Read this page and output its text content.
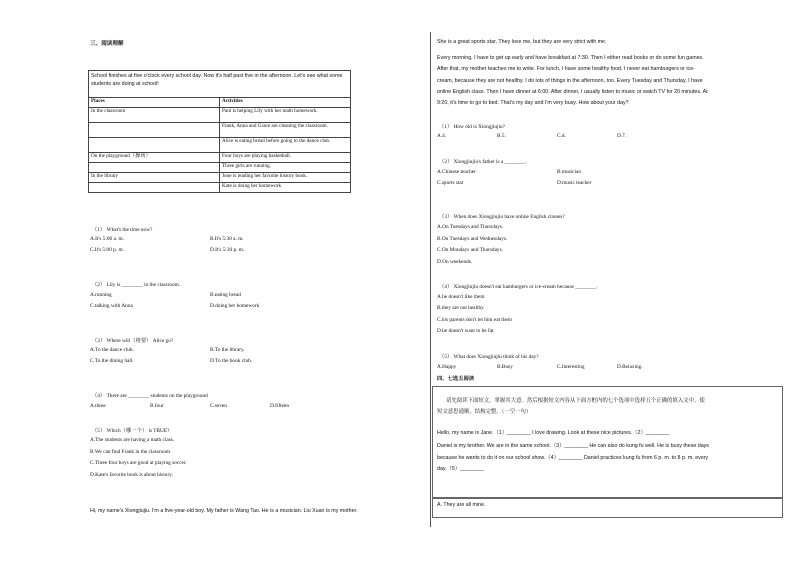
三、阅读理解
School finishes at five o'clock every school day. Now it's half past five in the afternoon. Let's see what some students are doing at school!
Places	Activities
In the classroom	Paul is helping Lily with her math homework.
	Frank, Anna and Grace are cleaning the classroom.
	Alice is eating bread before going to the dance club.
On the playground（操场）	Four boys are playing basketball.
	Three girls are running.
In the library	Jone is reading her favorite history book.
	Kate is doing her homework
（1） What's the time now?
A.It's 5:00 a. m.	B.It's 5:30 a. m.
C.It's 5:00 p. m.	D.It's 5:30 p. m.
（2） Lily is ________ in the classroom.
A.running	B.eating bread
C.talking with Anna	D.doing her homework
（3） Where will（将要） Alice go?
A.To the dance club.	B.To the library.
C.To the dining hall.	D.To the book club.
（4） There are ________ students on the playground
A.three	B.four	C.seven	D.fifteen
（5） Which（哪一个） is TRUE?
A.The students are having a math class.
B.We can find Frank in the classroom
C.Three four boys are good at playing soccer.
D.Kate's favorite book is about history.
Hi, my name's Xiongjiujiu. I'm a five-year-old boy. My father is Wang Tao. He is a musician. Liu Xuan is my mother.
She is a great sports star. They love me, but they are very strict with me.
Every morning, I have to get up early and have breakfast at 7:30. Then I either read books or do some fun games.
After that, my mother teaches me to write. For lunch, I have some healthy food. I never eat hamburgers or ice-
cream, because they are not healthy. I do lots of things in the afternoon, too. Every Tuesday and Thursday, I have
online English class. Then I have dinner at 6:00. After dinner, I usually listen to music or watch TV for 20 minutes. At
9:20, it's time to go to bed. That's my day and I'm very busy. How about your day?
（1） How old is Xiongjiujiu?
A.4.	B.5.	C.d.	D.7.
（2） Xiongjiujiu's father is a ________.
A.Chinese teacher	B.musician
C.sports star	D.music teacher
（3） When does Xiongjiujiu have online English classes?
A.On Tuesdays and Thursdays.
B.On Tuesdays and Wednesdays.
C.On Mondays and Thursdays.
D.On weekends.
（4） Xiongjiujiu doesn't eat hamburgers or ice-cream because ________.
A.he doesn't like them
B.they are not healthy
C.his parents don't let him eat them
D.he doesn't want to be fat
（5） What does Xiongjiujiu think of his day?
A.Happy	B.Busy	C.Interesting	D.Relaxing.
四、七选五阅读
请先阅读下面短文，掌握其大意。然后根据短文内容从下面方框内的七个选项中选择五个正确的填入文中。使
短文意思通顺，结构完整。（一空一句）
Hello, my name is Jane.（1）________ I love drawing. Look at these nice pictures.（2）________
Daniel is my brother. We are in the same school.（3）________ He can also do kung fu well. He is busy these days
because he wants to do it on our school show.（4）________ Daniel practices kung fu from 6 p. m. to 8 p. m. every
day.（5）________
A. They are all mine.
